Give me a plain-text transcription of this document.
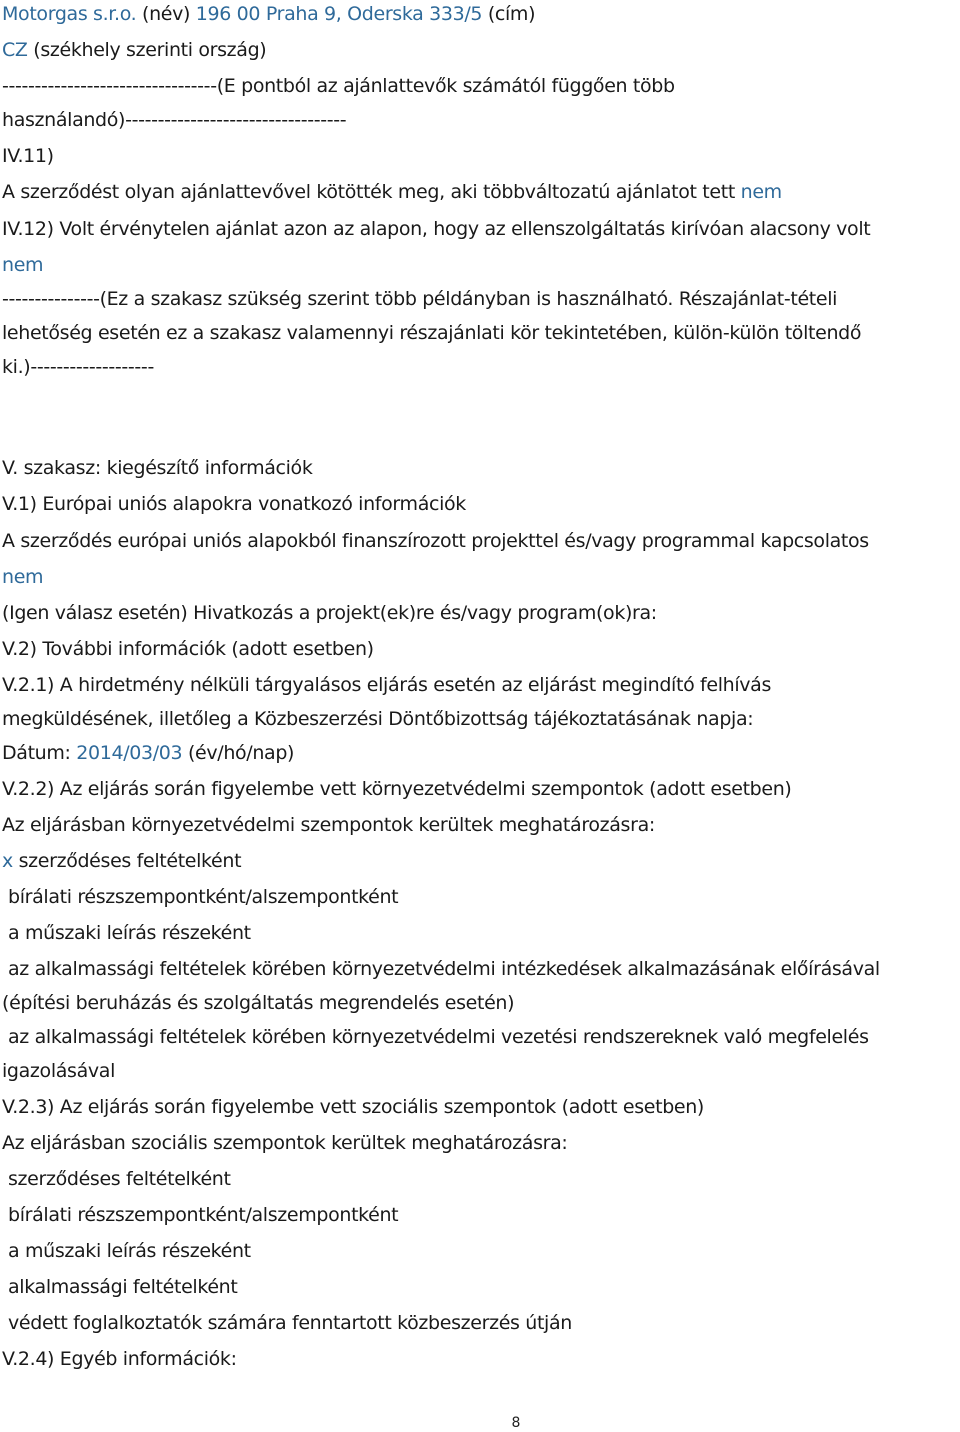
Motorgas s.r.o. (név) 196 00 Praha 9, Oderska 333/5 (cím)
CZ (székhely szerinti ország)
---------------------------------(E pontból az ajánlattevők számától függően több
használandó)----------------------------------
IV.11)
A szerződést olyan ajánlattevővel kötötték meg, aki többváltozatú ajánlatot tett nem
IV.12) Volt érvénytelen ajánlat azon az alapon, hogy az ellenszolgáltatás kirívóan alacsony volt
nem
---------------(Ez a szakasz szükség szerint több példányban is használható. Részajánlat-tételi
lehetőség esetén ez a szakasz valamennyi részajánlati kör tekintetében, külön-külön töltendő
ki.)-------------------
V. szakasz: kiegészítő információk
V.1) Európai uniós alapokra vonatkozó információk
A szerződés európai uniós alapokból finanszírozott projekttel és/vagy programmal kapcsolatos
nem
(Igen válasz esetén) Hivatkozás a projekt(ek)re és/vagy program(ok)ra:
V.2) További információk (adott esetben)
V.2.1) A hirdetmény nélküli tárgyalásos eljárás esetén az eljárást megindító felhívás
megküldésének, illetőleg a Közbeszerzési Döntőbizottság tájékoztatásának napja:
Dátum: 2014/03/03 (év/hó/nap)
V.2.2) Az eljárás során figyelembe vett környezetvédelmi szempontok (adott esetben)
Az eljárásban környezetvédelmi szempontok kerültek meghatározásra:
x szerződéses feltételként
bírálati részszempontként/alszempontként
a műszaki leírás részeként
az alkalmassági feltételek körében környezetvédelmi intézkedések alkalmazásának előírásával
(építési beruházás és szolgáltatás megrendelés esetén)
az alkalmassági feltételek körében környezetvédelmi vezetési rendszereknek való megfelelés
igazolásával
V.2.3) Az eljárás során figyelembe vett szociális szempontok (adott esetben)
Az eljárásban szociális szempontok kerültek meghatározásra:
szerződéses feltételként
bírálati részszempontként/alszempontként
a műszaki leírás részeként
alkalmassági feltételként
védett foglalkoztatók számára fenntartott közbeszerzés útján
V.2.4) Egyéb információk:
8
